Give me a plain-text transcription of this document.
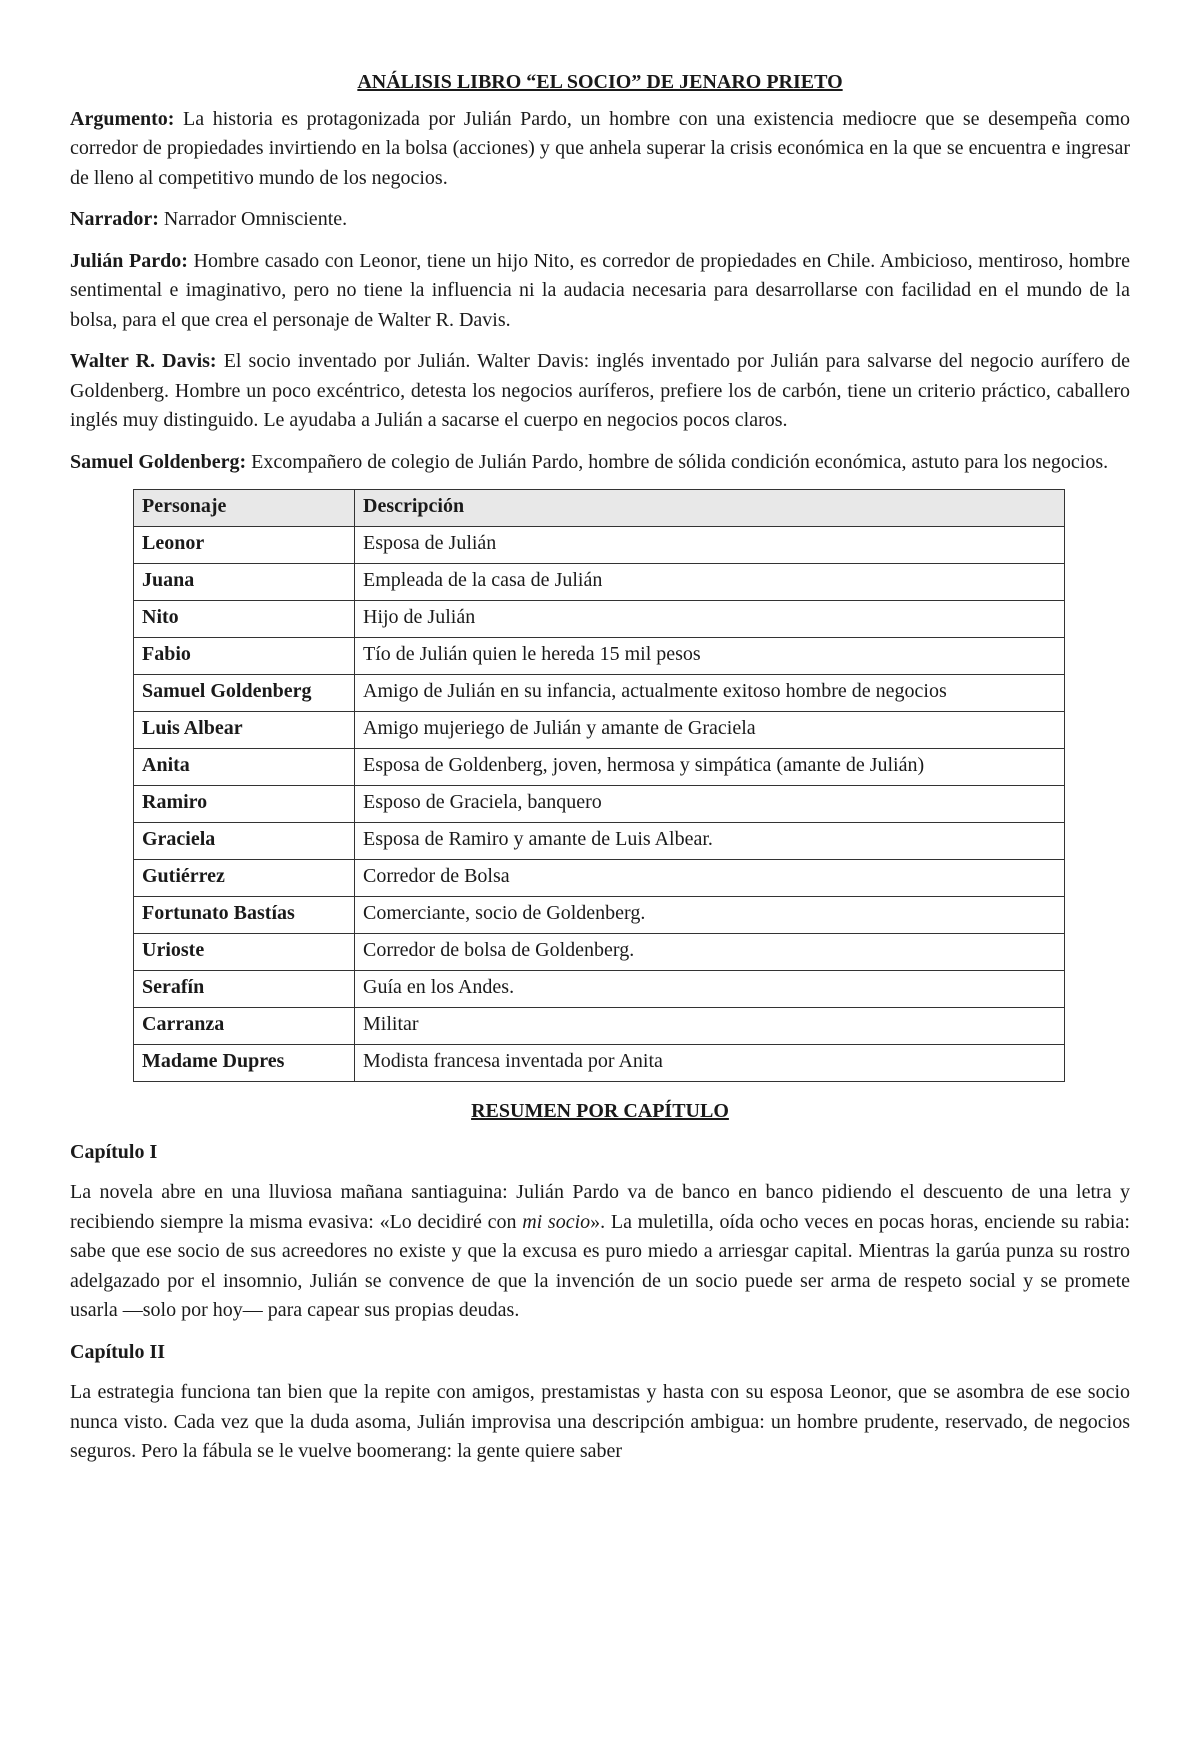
ANÁLISIS LIBRO “EL SOCIO” DE JENARO PRIETO

Argumento: La historia es protagonizada por Julián Pardo, un hombre con una existencia mediocre que se desempeña como corredor de propiedades invirtiendo en la bolsa (acciones) y que anhela superar la crisis económica en la que se encuentra e ingresar de lleno al competitivo mundo de los negocios.

Narrador: Narrador Omnisciente.

Julián Pardo: Hombre casado con Leonor, tiene un hijo Nito, es corredor de propiedades en Chile. Ambicioso, mentiroso, hombre sentimental e imaginativo, pero no tiene la influencia ni la audacia necesaria para desarrollarse con facilidad en el mundo de la bolsa, para el que crea el personaje de Walter R. Davis.

Walter R. Davis: El socio inventado por Julián. Walter Davis: inglés inventado por Julián para salvarse del negocio aurífero de Goldenberg. Hombre un poco excéntrico, detesta los negocios auríferos, prefiere los de carbón, tiene un criterio práctico, caballero inglés muy distinguido. Le ayudaba a Julián a sacarse el cuerpo en negocios pocos claros.

Samuel Goldenberg: Excompañero de colegio de Julián Pardo, hombre de sólida condición económica, astuto para los negocios.

Personaje	Descripción
Leonor	Esposa de Julián
Juana	Empleada de la casa de Julián
Nito	Hijo de Julián
Fabio	Tío de Julián quien le hereda 15 mil pesos
Samuel Goldenberg	Amigo de Julián en su infancia, actualmente exitoso hombre de negocios
Luis Albear	Amigo mujeriego de Julián y amante de Graciela
Anita	Esposa de Goldenberg, joven, hermosa y simpática (amante de Julián)
Ramiro	Esposo de Graciela, banquero
Graciela	Esposa de Ramiro y amante de Luis Albear.
Gutiérrez	Corredor de Bolsa
Fortunato Bastías	Comerciante, socio de Goldenberg.
Urioste	Corredor de bolsa de Goldenberg.
Serafín	Guía en los Andes.
Carranza	Militar
Madame Dupres	Modista francesa inventada por Anita
RESUMEN POR CAPÍTULO
Capítulo I

La novela abre en una lluviosa mañana santiaguina: Julián Pardo va de banco en banco pidiendo el descuento de una letra y recibiendo siempre la misma evasiva: «Lo decidiré con mi socio». La muletilla, oída ocho veces en pocas horas, enciende su rabia: sabe que ese socio de sus acreedores no existe y que la excusa es puro miedo a arriesgar capital. Mientras la garúa punza su rostro adelgazado por el insomnio, Julián se convence de que la invención de un socio puede ser arma de respeto social y se promete usarla —solo por hoy— para capear sus propias deudas.

Capítulo II

La estrategia funciona tan bien que la repite con amigos, prestamistas y hasta con su esposa Leonor, que se asombra de ese socio nunca visto. Cada vez que la duda asoma, Julián improvisa una descripción ambigua: un hombre prudente, reservado, de negocios seguros. Pero la fábula se le vuelve boomerang: la gente quiere saber
